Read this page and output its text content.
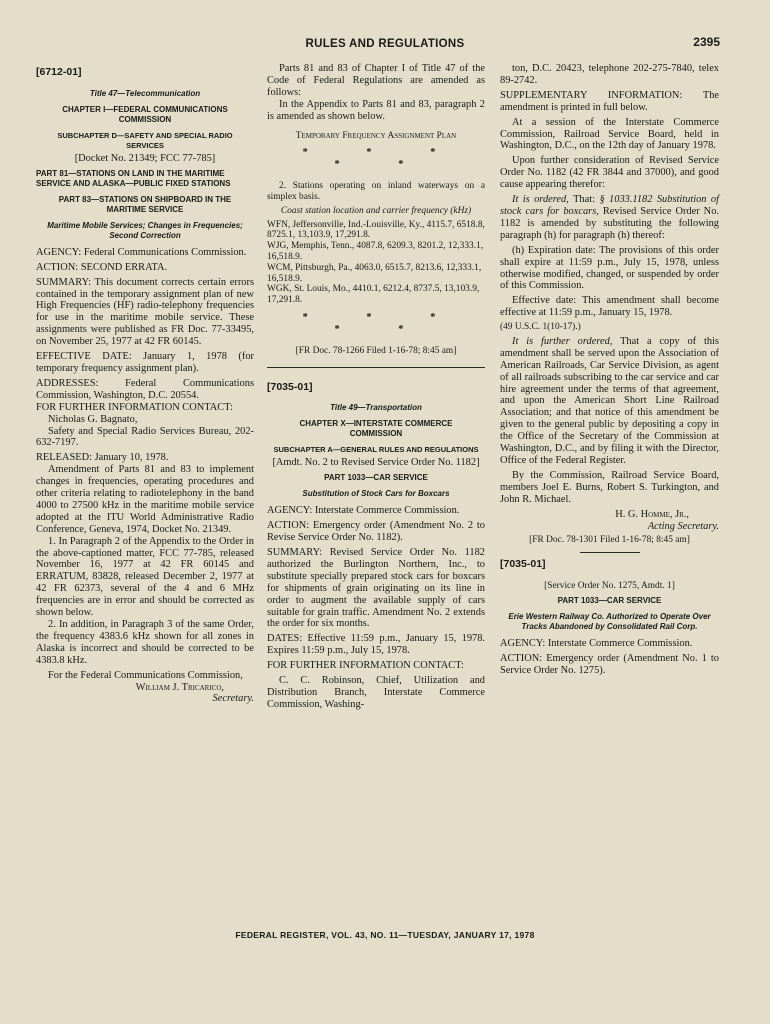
RULES AND REGULATIONS	2395
[6712-01]
Title 47—Telecommunication
CHAPTER I—FEDERAL COMMUNICATIONS COMMISSION
SUBCHAPTER D—SAFETY AND SPECIAL RADIO SERVICES

[Docket No. 21349; FCC 77-785]

PART 81—STATIONS ON LAND IN THE MARITIME SERVICE AND ALASKA—PUBLIC FIXED STATIONS
PART 83—STATIONS ON SHIPBOARD IN THE MARITIME SERVICE
Maritime Mobile Services; Changes in Frequencies; Second Correction

AGENCY: Federal Communications Commission.

ACTION: SECOND ERRATA.

SUMMARY: This document corrects certain errors contained in the temporary assignment plan of new High Frequencies (HF) radio-telephony frequencies for use in the maritime mobile service. These assignments were published as FR Doc. 77-33495, on November 25, 1977 at 42 FR 60145.

EFFECTIVE DATE: January 1, 1978 (for temporary frequency assignment plan).

ADDRESSES: Federal Communications Commission, Washington, D.C. 20554.

FOR FURTHER INFORMATION CONTACT:

Nicholas G. Bagnato,

Safety and Special Radio Services Bureau, 202-632-7197.

RELEASED: January 10, 1978.

Amendment of Parts 81 and 83 to implement changes in frequencies, operating procedures and other criteria relating to radiotelephony in the band 4000 to 27500 kHz in the maritime mobile service adopted at the ITU World Administrative Radio Conference, Geneva, 1974, Docket No. 21349.

1. In Paragraph 2 of the Appendix to the Order in the above-captioned matter, FCC 77-785, released November 16, 1977 at 42 FR 60145 and ERRATUM, 83828, released December 2, 1977 at 42 FR 62373, several of the 4 and 6 MHz frequencies are in error and should be corrected as shown below.

2. In addition, in Paragraph 3 of the same Order, the frequency 4383.6 kHz shown for all zones in Alaska is incorrect and should be corrected to be 4383.8 kHz.

For the Federal Communications Commission,

William J. Tricarico,

Secretary.

Parts 81 and 83 of Chapter I of Title 47 of the Code of Federal Regulations are amended as follows:

In the Appendix to Parts 81 and 83, paragraph 2 is amended as shown below.

Temporary Frequency Assignment Plan

* * * * *

2. Stations operating on inland waterways on a simplex basis.

Coast station location and carrier frequency (kHz)

WFN, Jeffersonville, Ind.-Louisville, Ky., 4115.7, 6518.8, 8725.1, 13,103.9, 17,291.8.

WJG, Memphis, Tenn., 4087.8, 6209.3, 8201.2, 12,333.1, 16,518.9.

WCM, Pittsburgh, Pa., 4063.0, 6515.7, 8213.6, 12,333.1, 16,518.9.

WGK, St. Louis, Mo., 4410.1, 6212.4, 8737.5, 13,103.9, 17,291.8.

* * * * *

[FR Doc. 78-1266 Filed 1-16-78; 8:45 am]

[7035-01]
Title 49—Transportation
CHAPTER X—INTERSTATE COMMERCE COMMISSION
SUBCHAPTER A—GENERAL RULES AND REGULATIONS

[Amdt. No. 2 to Revised Service Order No. 1182]

PART 1033—CAR SERVICE
Substitution of Stock Cars for Boxcars

AGENCY: Interstate Commerce Commission.

ACTION: Emergency order (Amendment No. 2 to Revise Service Order No. 1182).

SUMMARY: Revised Service Order No. 1182 authorized the Burlington Northern, Inc., to substitute specially prepared stock cars for boxcars for shipments of grain originating on its line in order to augment the available supply of cars suitable for grain traffic. Amendment No. 2 extends the order for six months.

DATES: Effective 11:59 p.m., January 15, 1978. Expires 11:59 p.m., July 15, 1978.

FOR FURTHER INFORMATION CONTACT:

C. C. Robinson, Chief, Utilization and Distribution Branch, Interstate Commerce Commission, Washing-

ton, D.C. 20423, telephone 202-275-7840, telex 89-2742.

SUPPLEMENTARY INFORMATION: The amendment is printed in full below.

At a session of the Interstate Commerce Commission, Railroad Service Board, held in Washington, D.C., on the 12th day of January 1978.

Upon further consideration of Revised Service Order No. 1182 (42 FR 3844 and 37000), and good cause appearing therefor:

It is ordered, That: § 1033.1182 Substitution of stock cars for boxcars, Revised Service Order No. 1182 is amended by substituting the following paragraph (h) for paragraph (h) thereof:

(h) Expiration date: The provisions of this order shall expire at 11:59 p.m., July 15, 1978, unless otherwise modified, changed, or suspended by order of this Commission.

Effective date: This amendment shall become effective at 11:59 p.m., January 15, 1978.

(49 U.S.C. 1(10-17).)

It is further ordered, That a copy of this amendment shall be served upon the Association of American Railroads, Car Service Division, as agent of all railroads subscribing to the car service and car hire agreement under the terms of that agreement, and upon the American Short Line Railroad Association; and that notice of this amendment be given to the general public by depositing a copy in the Office of the Secretary of the Commission at Washington, D.C., and by filing it with the Director, Office of the Federal Register.

By the Commission, Railroad Service Board, members Joel E. Burns, Robert S. Turkington, and John R. Michael.

H. G. Homme, Jr.,

Acting Secretary.

[FR Doc. 78-1301 Filed 1-16-78; 8:45 am]

[7035-01]

[Service Order No. 1275, Amdt. 1]

PART 1033—CAR SERVICE
Erie Western Railway Co. Authorized to Operate Over Tracks Abandoned by Consolidated Rail Corp.

AGENCY: Interstate Commerce Commission.

ACTION: Emergency order (Amendment No. 1 to Service Order No. 1275).

FEDERAL REGISTER, VOL. 43, NO. 11—TUESDAY, JANUARY 17, 1978
